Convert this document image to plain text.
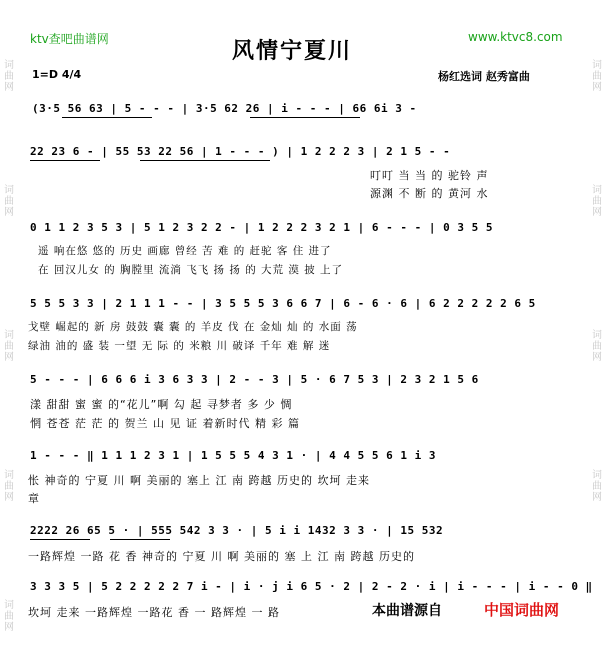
词
曲
网
词
曲
网
词
曲
网
词
曲
网
词
曲
网
词
曲
网
词
曲
网
词
曲
网
词
曲
网
ktv查吧曲谱网	www.ktvc8.com
风情宁夏川
1=D 4/4	杨红选词 赵秀富曲
(3·5 56 63 | 5 - - - | 3·5 62 26 | i - - - | 66 6i 3 -
22 23 6 - | 55 53 22 56 | 1 - - - ) | 1 2 2 2 3 | 2 1 5 - -
叮叮 当 当 的 驼铃 声
源渊 不 断 的 黄河 水
0 1 1 2 3 5 3 | 5 1 2 3 2 2 - | 1 2 2 2 3 2 1 | 6 - - - | 0 3 5 5
遥 响在悠 悠的 历史 画廊 曾经 苦 难 的 赶驼 客 住 进了
在 回汉儿女 的 胸膛里 流淌 飞飞 扬 扬 的 大荒 漠 披 上了
5 5 5 3 3 | 2 1 1 1 - - | 3 5 5 5 3 6 6 7 | 6 - 6 · 6 | 6 2 2 2 2 2 6 5
戈壁 崛起的 新 房 鼓鼓 囊 囊 的 羊皮 伐 在 金灿 灿 的 水面 荡
绿油 油的 盛 装 一望 无 际 的 米粮 川 破译 千年 难 解 迷
5 - - - | 6 6 6 i 3 6 3 3 | 2 - - 3 | 5 · 6 7 5 3 | 2 3 2 1 5 6
漾 甜甜 蜜 蜜 的“花儿”啊 勾 起 寻梦者 多 少 惆
惘 苍苍 茫 茫 的 贺兰 山 见 证 着新时代 精 彩 篇
1 - - - ‖ 1 1 1 2 3 1 | 1 5 5 5 4 3 1 · | 4 4 5 5 6 1 i 3
怅 神奇的 宁夏 川 啊 美丽的 塞上 江 南 跨越 历史的 坎坷 走来
章
2222 26 65 5 · | 555 542 3 3 · | 5 i i 1432 3 3 · | 15 532
一路辉煌 一路 花 香 神奇的 宁夏 川 啊 美丽的 塞 上 江 南 跨越 历史的
3 3 3 5 | 5 2 2 2 2 2 7 i - | i · j i 6 5 · 2 | 2 - 2 · i | i - - - | i - - 0 ‖
坎坷 走来 一路辉煌 一路花 香 一 路辉煌 一 路	本曲谱源自	中国词曲网
